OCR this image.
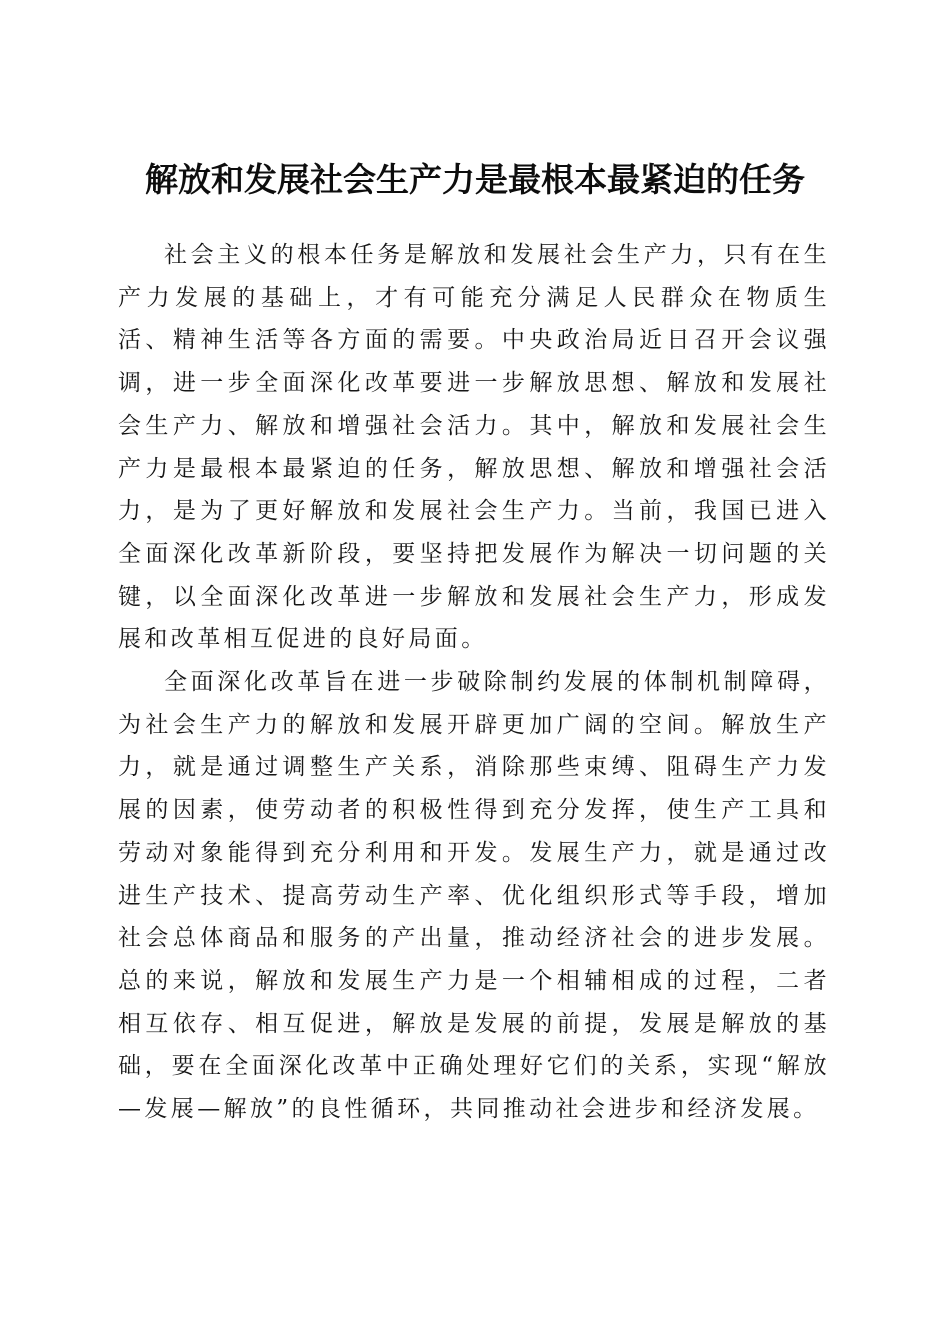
解放和发展社会生产力是最根本最紧迫的任务

社会主义的根本任务是解放和发展社会生产力，只有在生产力发展的基础上，才有可能充分满足人民群众在物质生活、精神生活等各方面的需要。中央政治局近日召开会议强调，进一步全面深化改革要进一步解放思想、解放和发展社会生产力、解放和增强社会活力。其中，解放和发展社会生产力是最根本最紧迫的任务，解放思想、解放和增强社会活力，是为了更好解放和发展社会生产力。当前，我国已进入全面深化改革新阶段，要坚持把发展作为解决一切问题的关键，以全面深化改革进一步解放和发展社会生产力，形成发展和改革相互促进的良好局面。

全面深化改革旨在进一步破除制约发展的体制机制障碍，为社会生产力的解放和发展开辟更加广阔的空间。解放生产力，就是通过调整生产关系，消除那些束缚、阻碍生产力发展的因素，使劳动者的积极性得到充分发挥，使生产工具和劳动对象能得到充分利用和开发。发展生产力，就是通过改进生产技术、提高劳动生产率、优化组织形式等手段，增加社会总体商品和服务的产出量，推动经济社会的进步发展。总的来说，解放和发展生产力是一个相辅相成的过程，二者相互依存、相互促进，解放是发展的前提，发展是解放的基础，要在全面深化改革中正确处理好它们的关系，实现“解放—发展—解放”的良性循环，共同推动社会进步和经济发展。
